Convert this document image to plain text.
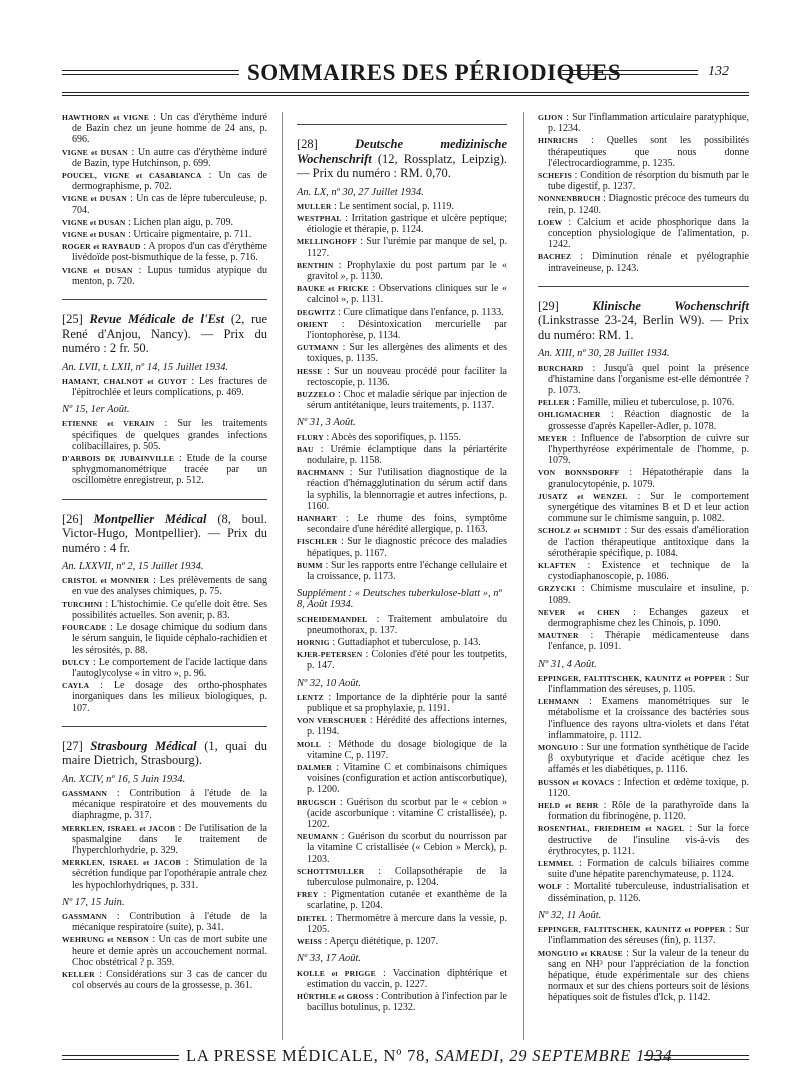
SOMMAIRES DES PÉRIODIQUES	132
HAWTHORN et VIGNE : Un cas d'érythème induré de Bazin chez un jeune homme de 24 ans, p. 696.
VIGNE et DUSAN : Un autre cas d'érythème induré de Bazin, type Hutchinson, p. 699.
POUCEL, VIGNE et CASABIANCA : Un cas de dermographisme, p. 702.
VIGNE et DUSAN : Un cas de lèpre tuberculeuse, p. 704.
VIGNE et DUSAN : Lichen plan aigu, p. 709.
VIGNE et DUSAN : Urticaire pigmentaire, p. 711.
ROGER et RAYBAUD : A propos d'un cas d'érythème livédoïde post-bismuthique de la fesse, p. 716.
VIGNE et DUSAN : Lupus tumidus atypique du menton, p. 720.
[25] Revue Médicale de l'Est (2, rue René d'Anjou, Nancy). — Prix du numéro : 2 fr. 50.
An. LVII, t. LXII, nº 14, 15 Juillet 1934.
HAMANT, CHALNOT et GUYOT : Les fractures de l'épitrochlée et leurs complications, p. 469.
Nº 15, 1er Août.
ETIENNE et VERAIN : Sur les traitements spécifiques de quelques grandes infections colibacillaires, p. 505.
D'ARBOIS DE JUBAINVILLE : Etude de la course sphygmomanométrique tracée par un oscillomètre enregistreur, p. 512.
[26] Montpellier Médical (8, boul. Victor-Hugo, Montpellier). — Prix du numéro : 4 fr.
An. LXXVII, nº 2, 15 Juillet 1934.
CRISTOL et MONNIER : Les prélèvements de sang en vue des analyses chimiques, p. 75.
TURCHINI : L'histochimie. Ce qu'elle doit être. Ses possibilités actuelles. Son avenir, p. 83.
FOURCADE : Le dosage chimique du sodium dans le sérum sanguin, le liquide céphalo-rachidien et les sérosités, p. 88.
DULCY : Le comportement de l'acide lactique dans l'autoglycolyse « in vitro », p. 96.
CAYLA : Le dosage des ortho-phosphates inorganiques dans les milieux biologiques, p. 107.
[27] Strasbourg Médical (1, quai du maire Dietrich, Strasbourg).
An. XCIV, nº 16, 5 Juin 1934.
GASSMANN : Contribution à l'étude de la mécanique respiratoire et des mouvements du diaphragme, p. 317.
MERKLEN, ISRAEL et JACOB : De l'utilisation de la spasmalgine dans le traitement de l'hyperchlorhydrie, p. 329.
MERKLEN, ISRAEL et JACOB : Stimulation de la sécrétion fundique par l'opothérapie antrale chez les hypochlorhydriques, p. 331.
Nº 17, 15 Juin.
GASSMANN : Contribution à l'étude de la mécanique respiratoire (suite), p. 341.
WEHRUNG et NEBSON : Un cas de mort subite une heure et demie après un accouchement normal. Choc obstétrical ? p. 359.
KELLER : Considérations sur 3 cas de cancer du col observés au cours de la grossesse, p. 361.
[28]	Deutsche medizinische Wochenschrift (12, Rossplatz, Leipzig). — Prix du numéro : RM. 0,70.
An. LX, nº 30, 27 Juillet 1934.
MULLER : Le sentiment social, p. 1119.
WESTPHAL : Irritation gastrique et ulcère peptique; étiologie et thérapie, p. 1124.
MELLINGHOFF : Sur l'urémie par manque de sel, p. 1127.
BENTHIN : Prophylaxie du post partum par le « gravitol », p. 1130.
BAUKE et FRICKE : Observations cliniques sur le « calcinol », p. 1131.
DEGWITZ : Cure climatique dans l'enfance, p. 1133.
ORIENT : Désintoxication mercurielle par l'iontophorèse, p. 1134.
GUTMANN : Sur les allergènes des aliments et des toxiques, p. 1135.
HESSE : Sur un nouveau procédé pour faciliter la rectoscopie, p. 1136.
BUZZELO : Choc et maladie sérique par injection de sérum antitétanique, leurs traitements, p. 1137.
Nº 31, 3 Août.
FLURY : Abcès des soporifiques, p. 1155.
BAU : Urémie éclamptique dans la périartérite nodulaire, p. 1158.
BACHMANN : Sur l'utilisation diagnostique de la réaction d'hémagglutination du sérum actif dans la syphilis, la blennorragie et autres infections, p. 1160.
HANHART : Le rhume des foins, symptôme secondaire d'une hérédité allergique, p. 1163.
FISCHLER : Sur le diagnostic précoce des maladies hépatiques, p. 1167.
BUMM : Sur les rapports entre l'échange cellulaire et la croissance, p. 1173.
Supplément : « Deutsches tuberkulose-blatt », nº 8, Août 1934.
SCHEIDEMANDEL : Traitement ambulatoire du pneumothorax, p. 137.
HORNIG : Guttadiaphot et tuberculose, p. 143.
KJER-PETERSEN : Colonies d'été pour les toutpetits, p. 147.
Nº 32, 10 Août.
LENTZ : Importance de la diphtérie pour la santé publique et sa prophylaxie, p. 1191.
VON VERSCHUER : Hérédité des affections internes, p. 1194.
MOLL : Méthode du dosage biologique de la vitamine C, p. 1197.
DALMER : Vitamine C et combinaisons chimiques voisines (configuration et action antiscorbutique), p. 1200.
BRUGSCH : Guérison du scorbut par le « cebion » (acide ascorbunique : vitamine C cristallisée), p. 1202.
NEUMANN : Guérison du scorbut du nourrisson par la vitamine C cristallisée (« Cebion » Merck), p. 1203.
SCHOTTMULLER : Collapsothérapie de la tuberculose pulmonaire, p. 1204.
FREY : Pigmentation cutanée et exanthème de la scarlatine, p. 1204.
DIETEL : Thermomètre à mercure dans la vessie, p. 1205.
WEISS : Aperçu diététique, p. 1207.
Nº 33, 17 Août.
KOLLE et PRIGGE : Vaccination diphtérique et estimation du vaccin, p. 1227.
HÜRTHLE et GROSS : Contribution à l'infection par le bacillus botulinus, p. 1232.
GIJON : Sur l'inflammation articulaire paratyphique, p. 1234.
HINRICHS : Quelles sont les possibilités thérapeutiques que nous donne l'électrocardiogramme, p. 1235.
SCHEFIS : Condition de résorption du bismuth par le tube digestif, p. 1237.
NONNENBRUCH : Diagnostic précoce des tumeurs du rein, p. 1240.
LOEW : Calcium et acide phosphorique dans la conception physiologique de l'alimentation, p. 1242.
BACHEZ : Diminution rénale et pyélographie intraveineuse, p. 1243.
[29]	Klinische Wochenschrift (Linkstrasse 23-24, Berlin W9). — Prix du numéro: RM. 1.
An. XIII, nº 30, 28 Juillet 1934.
BURCHARD : Jusqu'à quel point la présence d'histamine dans l'organisme est-elle démontrée ? p. 1073.
PELLER : Famille, milieu et tuberculose, p. 1076.
OHLIGMACHER : Réaction diagnostic de la grossesse d'après Kapeller-Adler, p. 1078.
MEYER : Influence de l'absorption de cuivre sur l'hyperthyréose expérimentale de l'homme, p. 1079.
VON BONNSDORFF : Hépatothérapie dans la granulocytopénie, p. 1079.
JUSATZ et WENZEL : Sur le comportement synergétique des vitamines B et D et leur action commune sur le chimisme sanguin, p. 1082.
SCHOLZ et SCHMIDT : Sur des essais d'amélioration de l'action thérapeutique antitoxique dans la sérothérapie spécifique, p. 1084.
KLAFTEN : Existence et technique de la cystodiaphanoscopie, p. 1086.
GRZYCKI : Chimisme musculaire et insuline, p. 1089.
NEVER et CHEN : Echanges gazeux et dermographisme chez les Chinois, p. 1090.
MAUTNER : Thérapie médicamenteuse dans l'enfance, p. 1091.
Nº 31, 4 Août.
EPPINGER, FALTITSCHEK, KAUNITZ et POPPER : Sur l'inflammation des séreuses, p. 1105.
LEHMANN : Examens manométriques sur le métabolisme et la croissance des bactéries sous l'influence des rayons ultra-violets et dans l'état inflammatoire, p. 1112.
MONGUIO : Sur une formation synthétique de l'acide β oxybutyrique et d'acide acétique chez les affamés et les diabétiques, p. 1116.
BUSSON et KOVACS : Infection et œdème toxique, p. 1120.
HELD et BEHR : Rôle de la parathyroïde dans la formation du fibrinogène, p. 1120.
ROSENTHAL, FRIEDHEIM et NAGEL : Sur la force destructive de l'insuline vis-à-vis des érythrocytes, p. 1121.
LEMMEL : Formation de calculs biliaires comme suite d'une hépatite parenchymateuse, p. 1124.
WOLF : Mortalité tuberculeuse, industrialisation et dissémination, p. 1126.
Nº 32, 11 Août.
EPPINGER, FALTITSCHEK, KAUNITZ et POPPER : Sur l'inflammation des séreuses (fin), p. 1137.
MONGUIO et KRAUSE : Sur la valeur de la teneur du sang en NH³ pour l'appréciation de la fonction hépatique, étude expérimentale sur des chiens normaux et sur des chiens porteurs soit de lésions hépatiques soit de fistules d'Ick, p. 1142.
LA PRESSE MÉDICALE, Nº 78, SAMEDI, 29 SEPTEMBRE 1934
